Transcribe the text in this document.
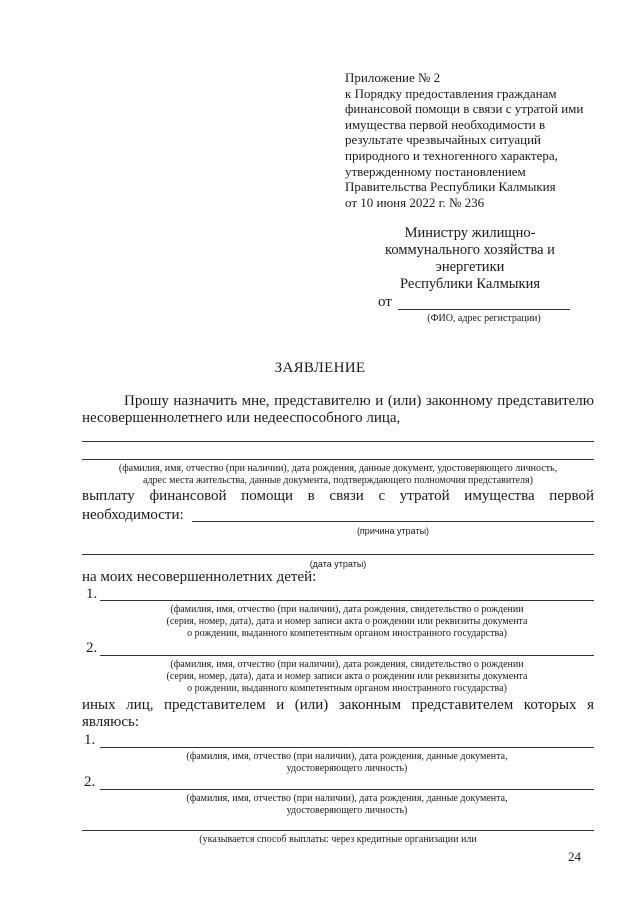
Приложение № 2
к Порядку предоставления гражданам
финансовой помощи в связи с утратой ими
имущества первой необходимости в
результате чрезвычайных ситуаций
природного и техногенного характера,
утвержденному постановлением
Правительства Республики Калмыкия
от 10 июня 2022 г. № 236
Министру жилищно-
коммунального хозяйства и
энергетики
Республики Калмыкия
от
(ФИО, адрес регистрации)
ЗАЯВЛЕНИЕ
Прошу назначить мне, представителю и (или) законному представителю
несовершеннолетнего или недееспособного лица,
(фамилия, имя, отчество (при наличии), дата рождения, данные документ, удостоверяющего личность,
адрес места жительства, данные документа, подтверждающего полномочия представителя)
выплату финансовой помощи в связи с утратой имущества первой
необходимости:
(причина утраты)
(дата утраты)
на моих несовершеннолетних детей:
1.
(фамилия, имя, отчество (при наличии), дата рождения, свидетельство о рождении
(серия, номер, дата), дата и номер записи акта о рождении или реквизиты документа
о рождении, выданного компетентным органом иностранного государства)
2.
(фамилия, имя, отчество (при наличии), дата рождения, свидетельство о рождении
(серия, номер, дата), дата и номер записи акта о рождении или реквизиты документа
о рождении, выданного компетентным органом иностранного государства)
иных лиц, представителем и (или) законным представителем которых я
являюсь:
1.
(фамилия, имя, отчество (при наличии), дата рождения, данные документа,
удостоверяющего личность)
2.
(фамилия, имя, отчество (при наличии), дата рождения, данные документа,
удостоверяющего личность)
(указывается способ выплаты: через кредитные организации или
24
